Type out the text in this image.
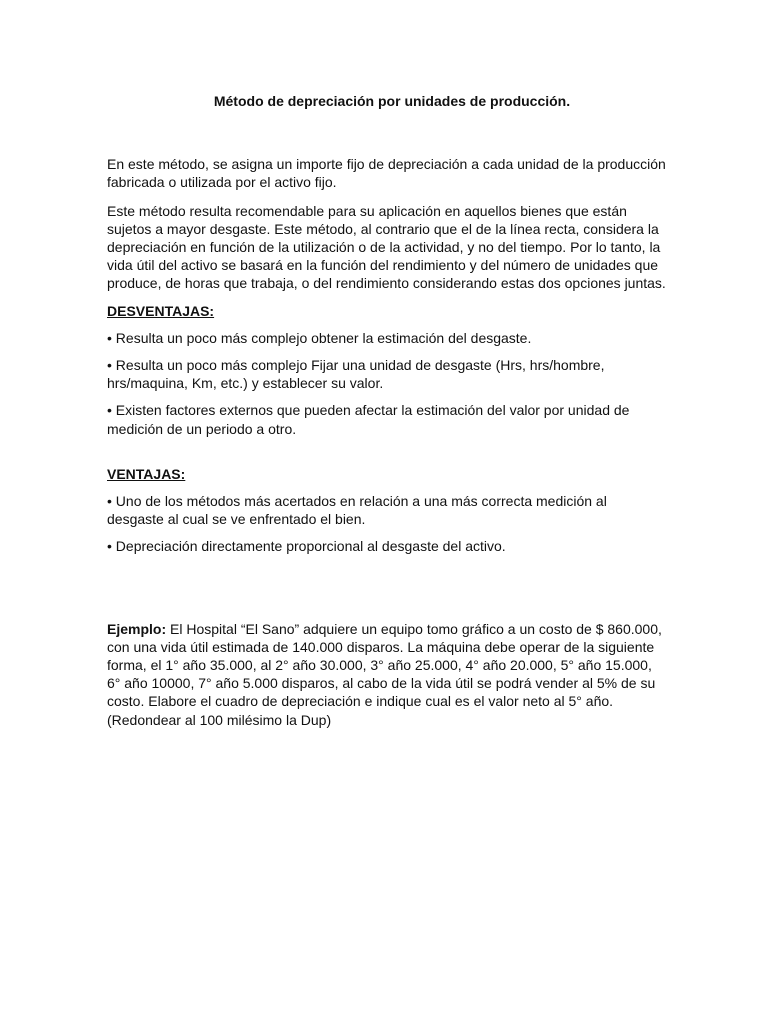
Método de depreciación por unidades de producción.

En este método, se asigna un importe fijo de depreciación a cada unidad de la producción fabricada o utilizada por el activo fijo.

Este método resulta recomendable para su aplicación en aquellos bienes que están sujetos a mayor desgaste. Este método, al contrario que el de la línea recta, considera la depreciación en función de la utilización o de la actividad, y no del tiempo. Por lo tanto, la vida útil del activo se basará en la función del rendimiento y del número de unidades que produce, de horas que trabaja, o del rendimiento considerando estas dos opciones juntas.

DESVENTAJAS:

• Resulta un poco más complejo obtener la estimación del desgaste.

• Resulta un poco más complejo Fijar una unidad de desgaste (Hrs, hrs/hombre, hrs/maquina, Km, etc.) y establecer su valor.

• Existen factores externos que pueden afectar la estimación del valor por unidad de medición de un periodo a otro.

VENTAJAS:

• Uno de los métodos más acertados en relación a una más correcta medición al desgaste al cual se ve enfrentado el bien.

• Depreciación directamente proporcional al desgaste del activo.

Ejemplo: El Hospital “El Sano” adquiere un equipo tomo gráfico a un costo de $ 860.000, con una vida útil estimada de 140.000 disparos. La máquina debe operar de la siguiente forma, el 1° año 35.000, al 2° año 30.000, 3° año 25.000, 4° año 20.000, 5° año 15.000, 6° año 10000, 7° año 5.000 disparos, al cabo de la vida útil se podrá vender al 5% de su costo. Elabore el cuadro de depreciación e indique cual es el valor neto al 5° año. (Redondear al 100 milésimo la Dup)
